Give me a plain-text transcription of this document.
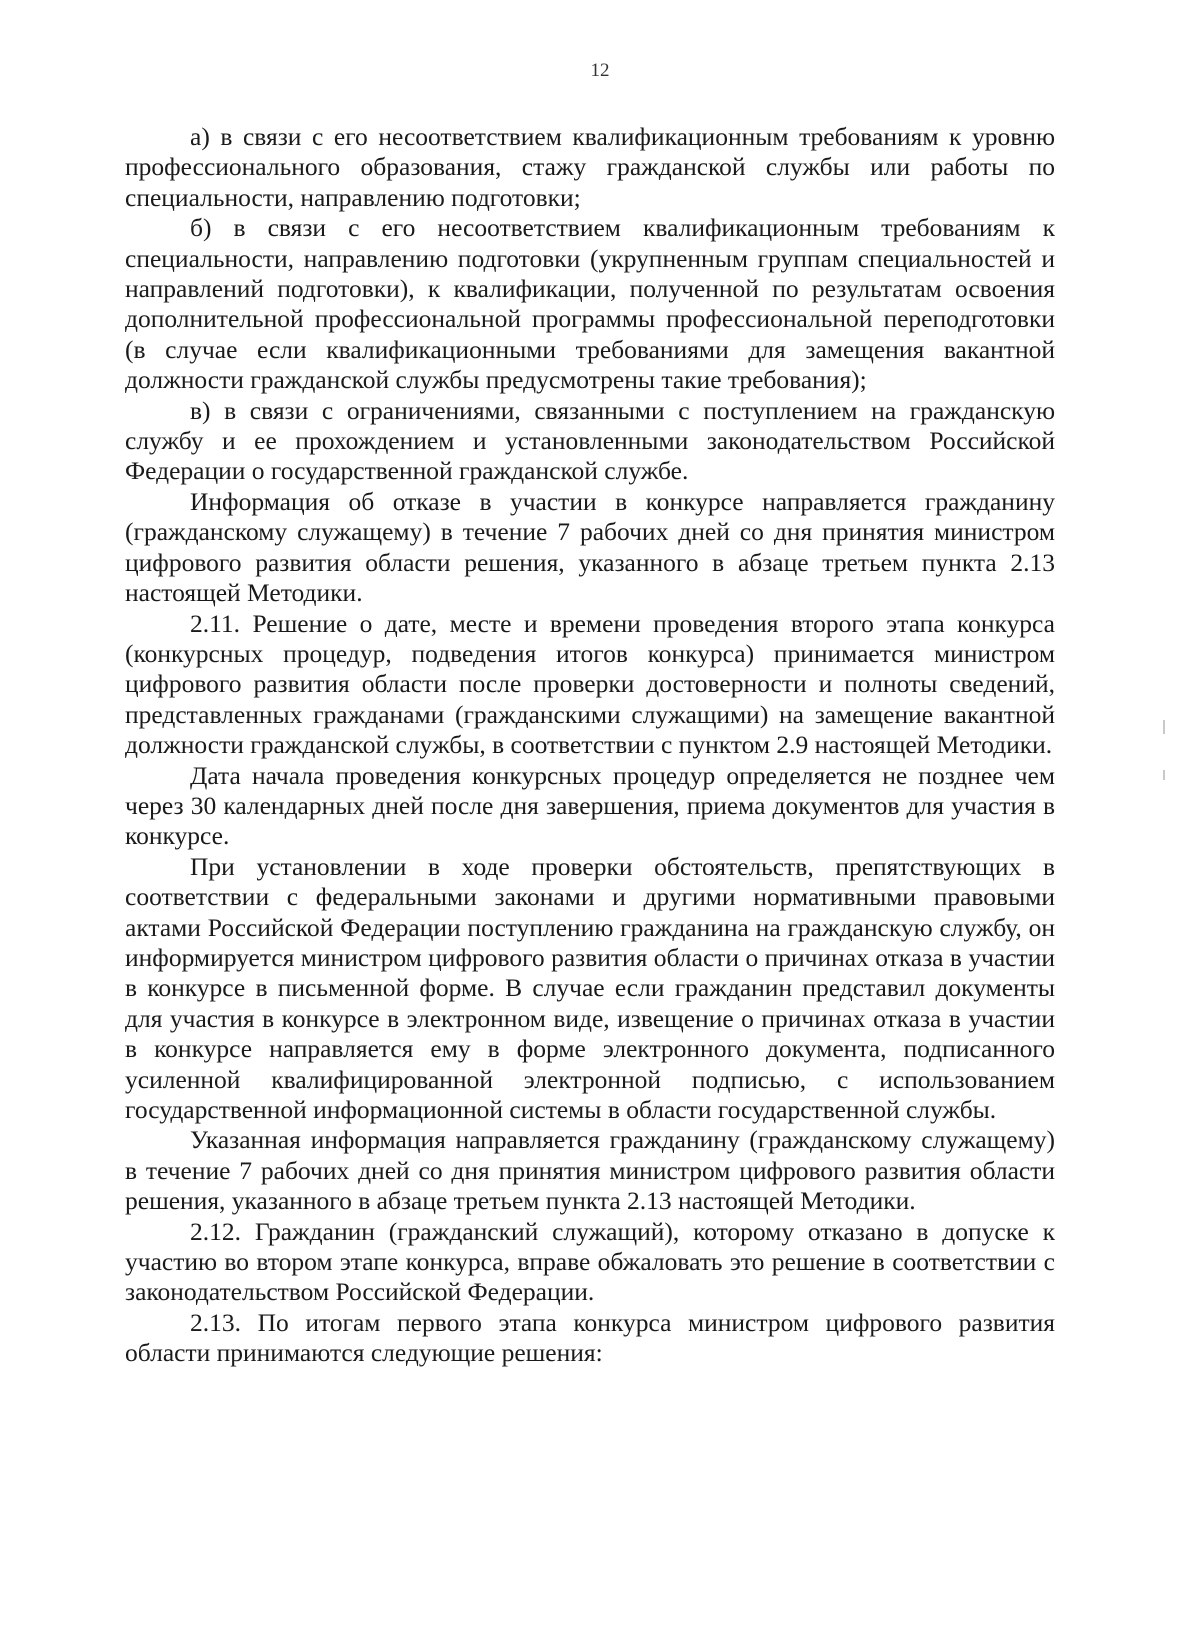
12

а) в связи с его несоответствием квалификационным требованиям к уровню профессионального образования, стажу гражданской службы или работы по специальности, направлению подготовки;

б) в связи с его несоответствием квалификационным требованиям к специальности, направлению подготовки (укрупненным группам специальностей и направлений подготовки), к квалификации, полученной по результатам освоения дополнительной профессиональной программы профессиональной переподготовки (в случае если квалификационными требованиями для замещения вакантной должности гражданской службы предусмотрены такие требования);

в) в связи с ограничениями, связанными с поступлением на гражданскую службу и ее прохождением и установленными законодательством Российской Федерации о государственной гражданской службе.

Информация об отказе в участии в конкурсе направляется гражданину (гражданскому служащему) в течение 7 рабочих дней со дня принятия министром цифрового развития области решения, указанного в абзаце третьем пункта 2.13 настоящей Методики.

2.11. Решение о дате, месте и времени проведения второго этапа конкурса (конкурсных процедур, подведения итогов конкурса) принимается министром цифрового развития области после проверки достоверности и полноты сведений, представленных гражданами (гражданскими служащими) на замещение вакантной должности гражданской службы, в соответствии с пунктом 2.9 настоящей Методики.

Дата начала проведения конкурсных процедур определяется не позднее чем через 30 календарных дней после дня завершения, приема документов для участия в конкурсе.

При установлении в ходе проверки обстоятельств, препятствующих в соответствии с федеральными законами и другими нормативными правовыми актами Российской Федерации поступлению гражданина на гражданскую службу, он информируется министром цифрового развития области о причинах отказа в участии в конкурсе в письменной форме. В случае если гражданин представил документы для участия в конкурсе в электронном виде, извещение о причинах отказа в участии в конкурсе направляется ему в форме электронного документа, подписанного усиленной квалифицированной электронной подписью, с использованием государственной информационной системы в области государственной службы.

Указанная информация направляется гражданину (гражданскому служащему) в течение 7 рабочих дней со дня принятия министром цифрового развития области решения, указанного в абзаце третьем пункта 2.13 настоящей Методики.

2.12. Гражданин (гражданский служащий), которому отказано в допуске к участию во втором этапе конкурса, вправе обжаловать это решение в соответствии с законодательством Российской Федерации.

2.13. По итогам первого этапа конкурса министром цифрового развития области принимаются следующие решения:
